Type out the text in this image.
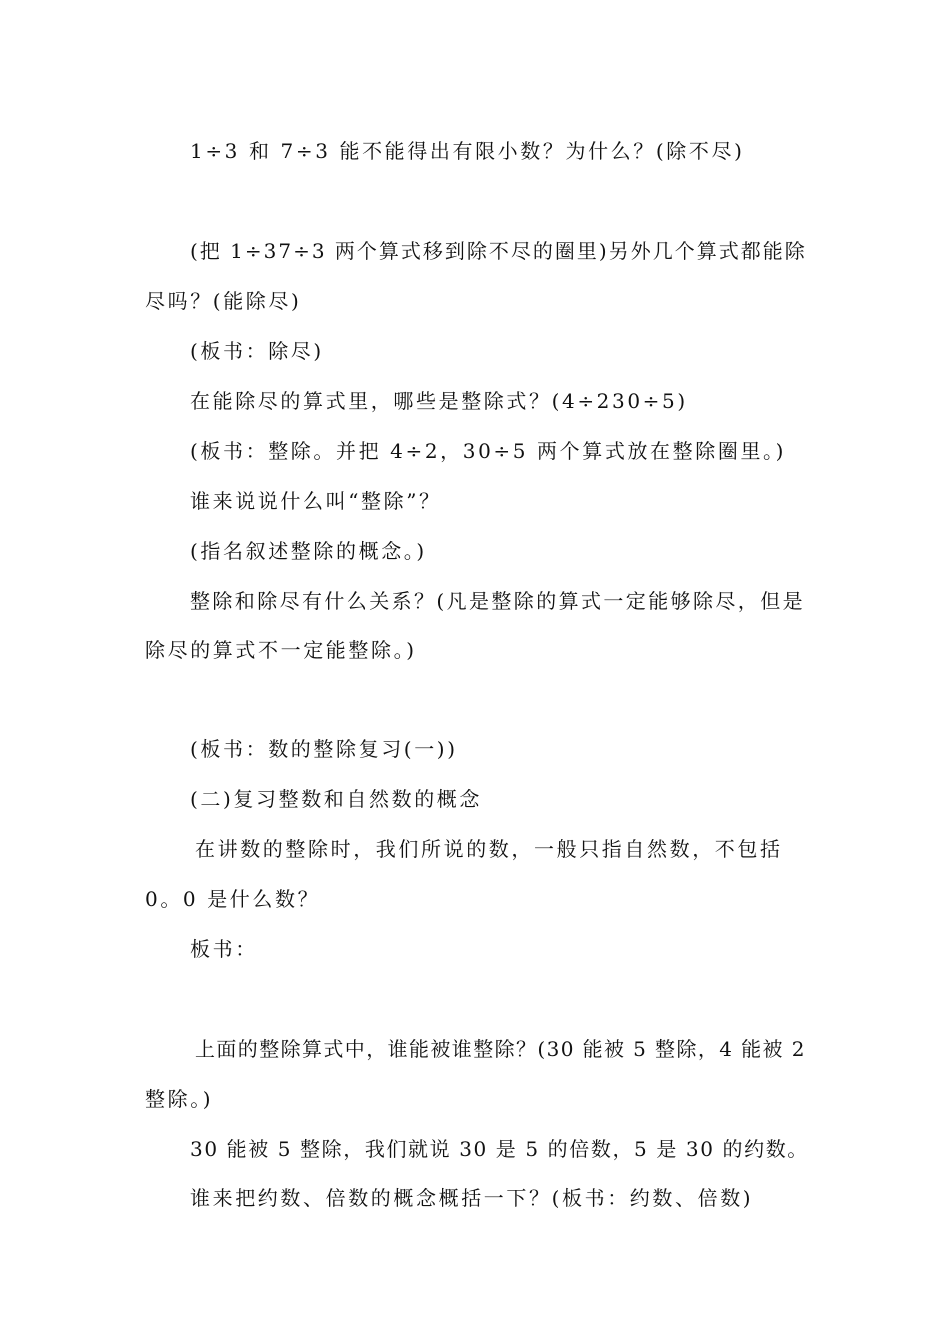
1÷3 和 7÷3 能不能得出有限小数？为什么？(除不尽)

(把 1÷37÷3 两个算式移到除不尽的圈里)另外几个算式都能除

尽吗？(能除尽)

(板书：除尽)

在能除尽的算式里，哪些是整除式？(4÷230÷5)

(板书：整除。并把 4÷2，30÷5 两个算式放在整除圈里。)

谁来说说什么叫“整除”？

(指名叙述整除的概念。)

整除和除尽有什么关系？(凡是整除的算式一定能够除尽，但是

除尽的算式不一定能整除。)

(板书：数的整除复习(一))

(二)复习整数和自然数的概念

在讲数的整除时，我们所说的数，一般只指自然数，不包括

0。0 是什么数？

板书：

上面的整除算式中，谁能被谁整除？(30 能被 5 整除，4 能被 2

整除。)

30 能被 5 整除，我们就说 30 是 5 的倍数，5 是 30 的约数。

谁来把约数、倍数的概念概括一下？(板书：约数、倍数)
